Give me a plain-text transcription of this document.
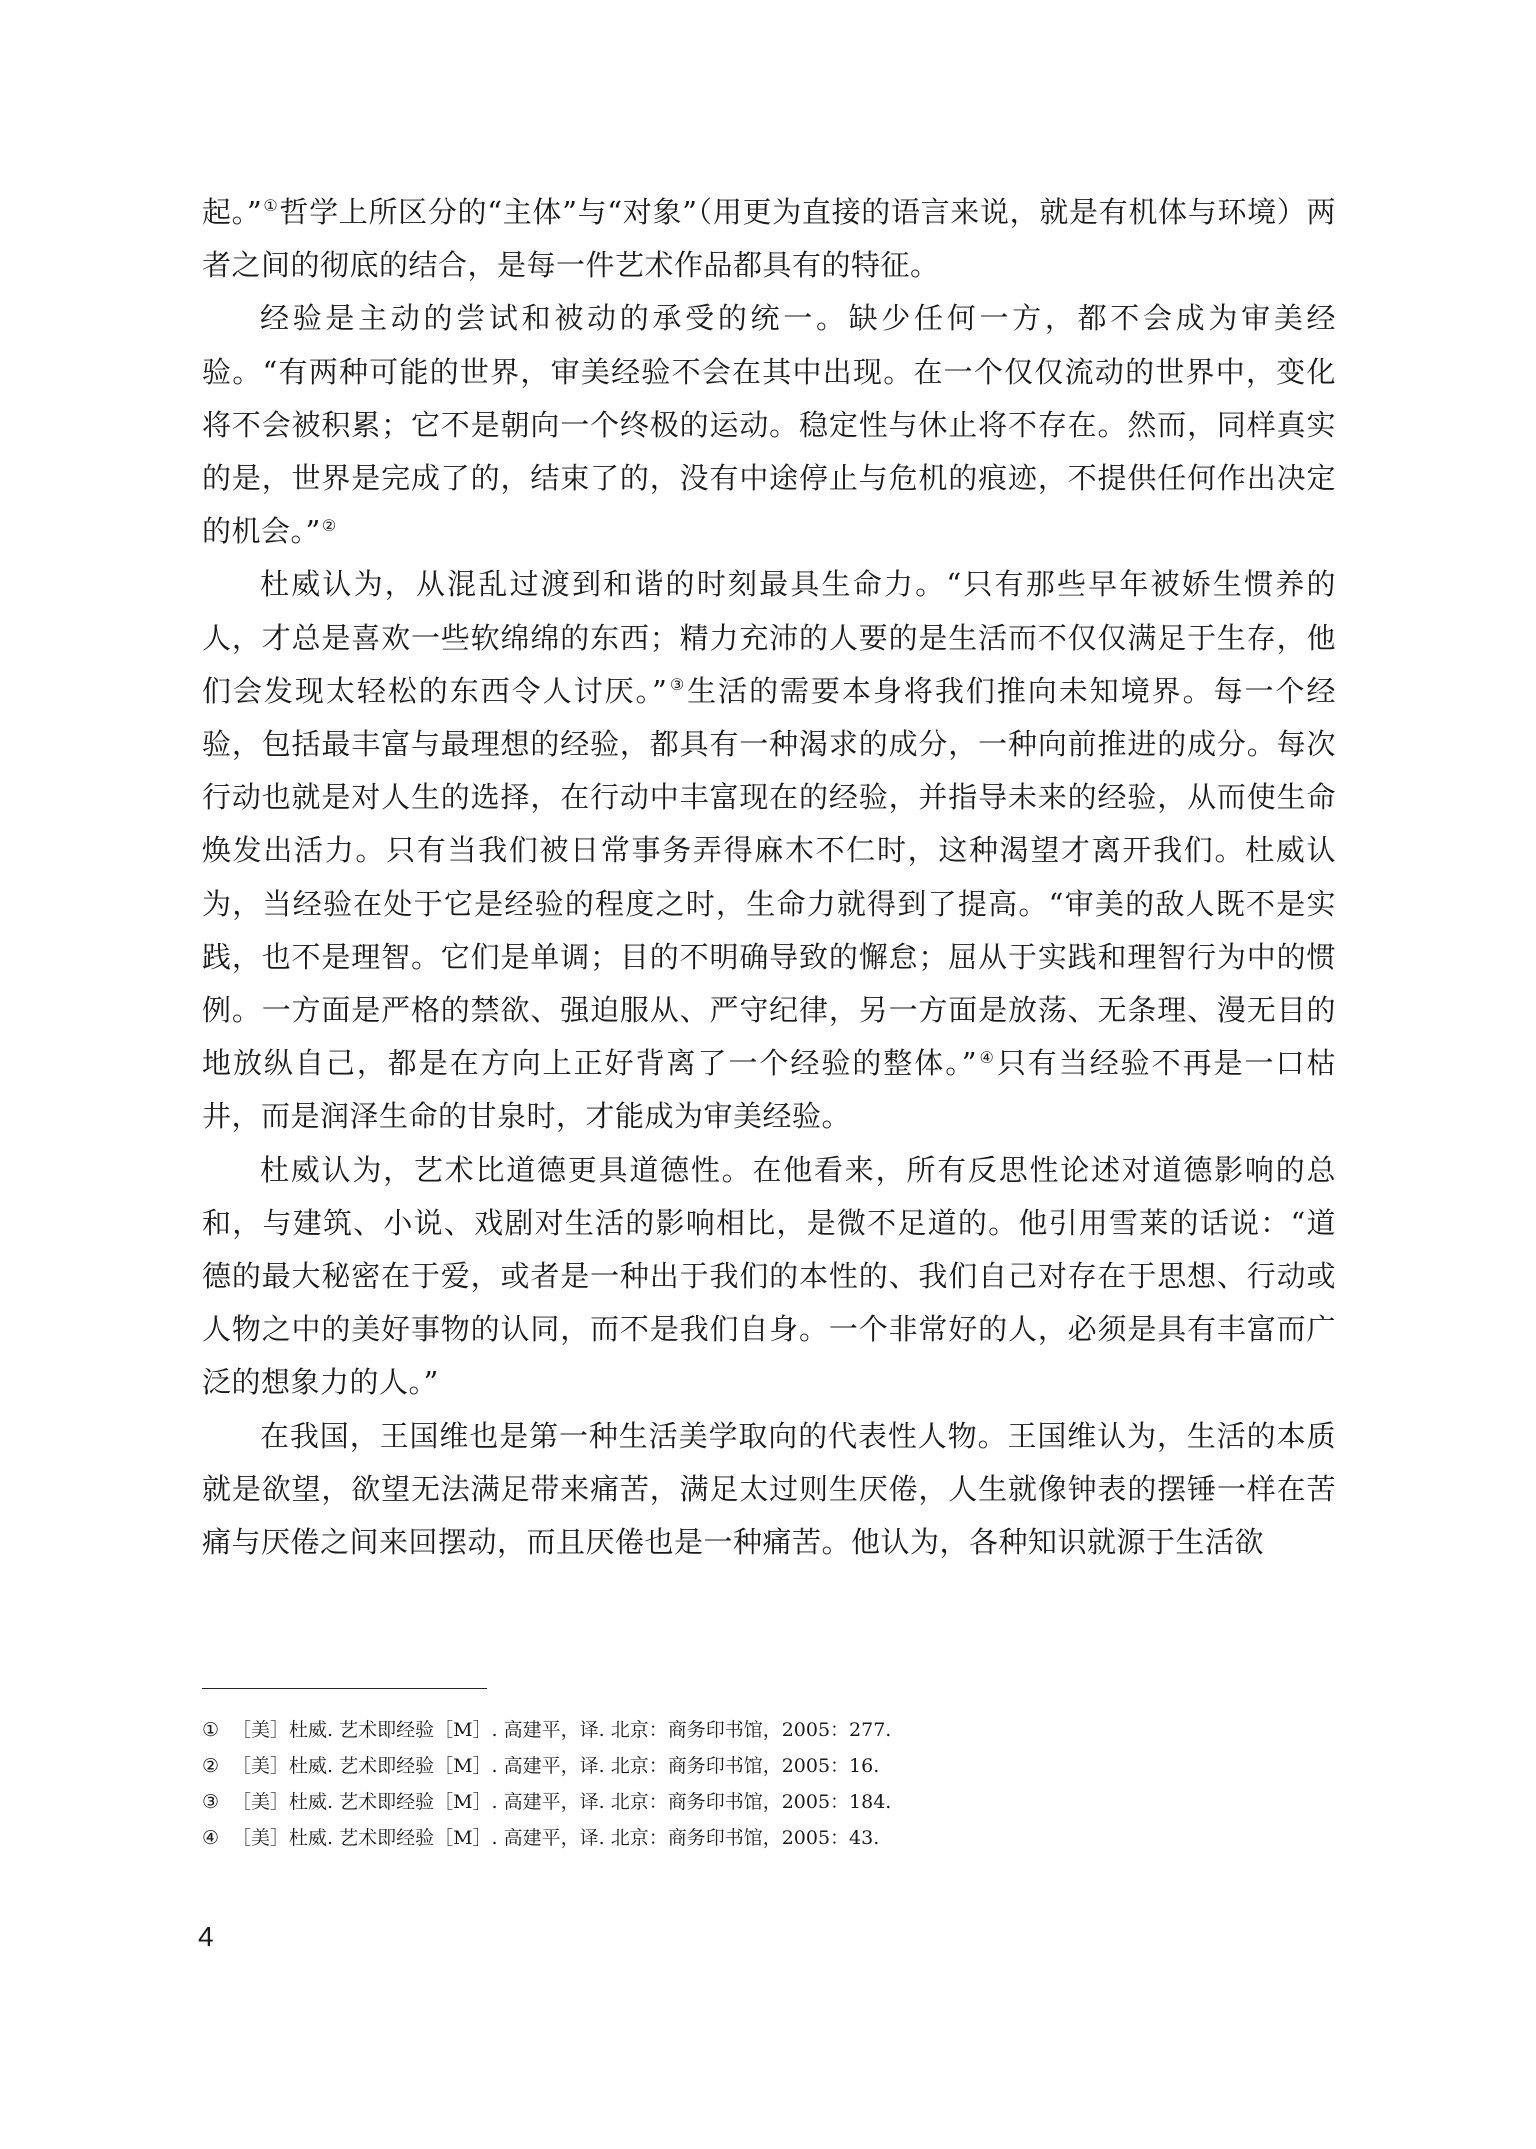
起。”①哲学上所区分的“主体”与“对象”（用更为直接的语言来说，就是有机体与环境）两者之间的彻底的结合，是每一件艺术作品都具有的特征。

经验是主动的尝试和被动的承受的统一。缺少任何一方，都不会成为审美经验。“有两种可能的世界，审美经验不会在其中出现。在一个仅仅流动的世界中，变化将不会被积累；它不是朝向一个终极的运动。稳定性与休止将不存在。然而，同样真实的是，世界是完成了的，结束了的，没有中途停止与危机的痕迹，不提供任何作出决定的机会。”②

杜威认为，从混乱过渡到和谐的时刻最具生命力。“只有那些早年被娇生惯养的人，才总是喜欢一些软绵绵的东西；精力充沛的人要的是生活而不仅仅满足于生存，他们会发现太轻松的东西令人讨厌。”③生活的需要本身将我们推向未知境界。每一个经验，包括最丰富与最理想的经验，都具有一种渴求的成分，一种向前推进的成分。每次行动也就是对人生的选择，在行动中丰富现在的经验，并指导未来的经验，从而使生命焕发出活力。只有当我们被日常事务弄得麻木不仁时，这种渴望才离开我们。杜威认为，当经验在处于它是经验的程度之时，生命力就得到了提高。“审美的敌人既不是实践，也不是理智。它们是单调；目的不明确导致的懈怠；屈从于实践和理智行为中的惯例。一方面是严格的禁欲、强迫服从、严守纪律，另一方面是放荡、无条理、漫无目的地放纵自己，都是在方向上正好背离了一个经验的整体。”④只有当经验不再是一口枯井，而是润泽生命的甘泉时，才能成为审美经验。

杜威认为，艺术比道德更具道德性。在他看来，所有反思性论述对道德影响的总和，与建筑、小说、戏剧对生活的影响相比，是微不足道的。他引用雪莱的话说：“道德的最大秘密在于爱，或者是一种出于我们的本性的、我们自己对存在于思想、行动或人物之中的美好事物的认同，而不是我们自身。一个非常好的人，必须是具有丰富而广泛的想象力的人。”

在我国，王国维也是第一种生活美学取向的代表性人物。王国维认为，生活的本质就是欲望，欲望无法满足带来痛苦，满足太过则生厌倦，人生就像钟表的摆锤一样在苦痛与厌倦之间来回摆动，而且厌倦也是一种痛苦。他认为，各种知识就源于生活欲

① ［美］杜威. 艺术即经验［M］. 高建平，译. 北京：商务印书馆，2005：277.

② ［美］杜威. 艺术即经验［M］. 高建平，译. 北京：商务印书馆，2005：16.

③ ［美］杜威. 艺术即经验［M］. 高建平，译. 北京：商务印书馆，2005：184.

④ ［美］杜威. 艺术即经验［M］. 高建平，译. 北京：商务印书馆，2005：43.

4
